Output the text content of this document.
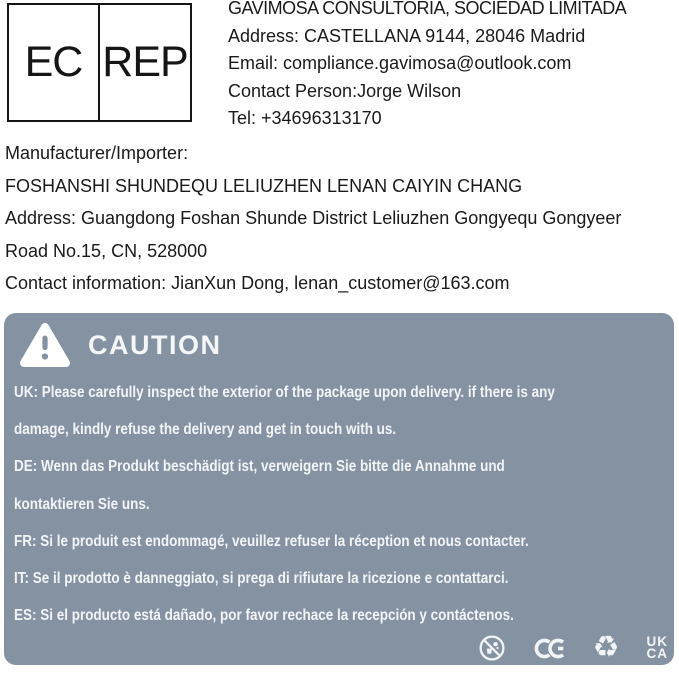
EC REP
GAVIMOSA CONSULTORIA, SOCIEDAD LIMITADA
Address: CASTELLANA 9144, 28046 Madrid
Email: compliance.gavimosa@outlook.com
Contact Person:Jorge Wilson
Tel: +34696313170
Manufacturer/Importer:
FOSHANSHI SHUNDEQU LELIUZHEN LENAN CAIYIN CHANG
Address: Guangdong Foshan Shunde District Leliuzhen Gongyequ Gongyeer
Road No.15, CN, 528000
Contact information: JianXun Dong, lenan_customer@163.com
CAUTION
UK: Please carefully inspect the exterior of the package upon delivery. if there is any
damage, kindly refuse the delivery and get in touch with us.
DE: Wenn das Produkt beschädigt ist, verweigern Sie bitte die Annahme und
kontaktieren Sie uns.
FR: Si le produit est endommagé, veuillez refuser la réception et nous contacter.
IT: Se il prodotto è danneggiato, si prega di rifiutare la ricezione e contattarci.
ES: Si el producto está dañado, por favor rechace la recepción y contáctenos.
♻ UK
CA
